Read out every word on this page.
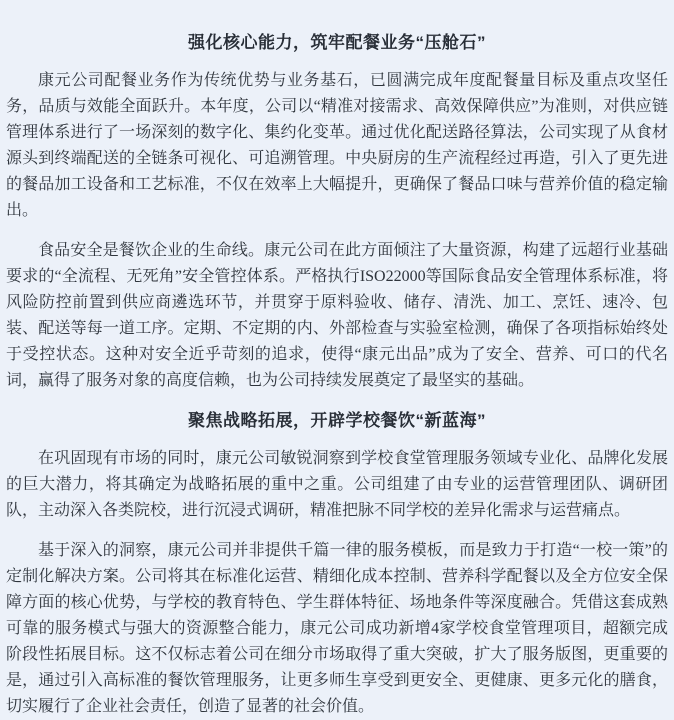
强化核心能力，筑牢配餐业务“压舱石”

康元公司配餐业务作为传统优势与业务基石，已圆满完成年度配餐量目标及重点攻坚任务，品质与效能全面跃升。本年度，公司以“精准对接需求、高效保障供应”为准则，对供应链管理体系进行了一场深刻的数字化、集约化变革。通过优化配送路径算法，公司实现了从食材源头到终端配送的全链条可视化、可追溯管理。中央厨房的生产流程经过再造，引入了更先进的餐品加工设备和工艺标准，不仅在效率上大幅提升，更确保了餐品口味与营养价值的稳定输出。

食品安全是餐饮企业的生命线。康元公司在此方面倾注了大量资源，构建了远超行业基础要求的“全流程、无死角”安全管控体系。严格执行ISO22000等国际食品安全管理体系标准，将风险防控前置到供应商遴选环节，并贯穿于原料验收、储存、清洗、加工、烹饪、速冷、包装、配送等每一道工序。定期、不定期的内、外部检查与实验室检测，确保了各项指标始终处于受控状态。这种对安全近乎苛刻的追求，使得“康元出品”成为了安全、营养、可口的代名词，赢得了服务对象的高度信赖，也为公司持续发展奠定了最坚实的基础。

聚焦战略拓展，开辟学校餐饮“新蓝海”

在巩固现有市场的同时，康元公司敏锐洞察到学校食堂管理服务领域专业化、品牌化发展的巨大潜力，将其确定为战略拓展的重中之重。公司组建了由专业的运营管理团队、调研团队，主动深入各类院校，进行沉浸式调研，精准把脉不同学校的差异化需求与运营痛点。

基于深入的洞察，康元公司并非提供千篇一律的服务模板，而是致力于打造“一校一策”的定制化解决方案。公司将其在标准化运营、精细化成本控制、营养科学配餐以及全方位安全保障方面的核心优势，与学校的教育特色、学生群体特征、场地条件等深度融合。凭借这套成熟可靠的服务模式与强大的资源整合能力，康元公司成功新增4家学校食堂管理项目，超额完成阶段性拓展目标。这不仅标志着公司在细分市场取得了重大突破，扩大了服务版图，更重要的是，通过引入高标准的餐饮管理服务，让更多师生享受到更安全、更健康、更多元化的膳食，切实履行了企业社会责任，创造了显著的社会价值。
